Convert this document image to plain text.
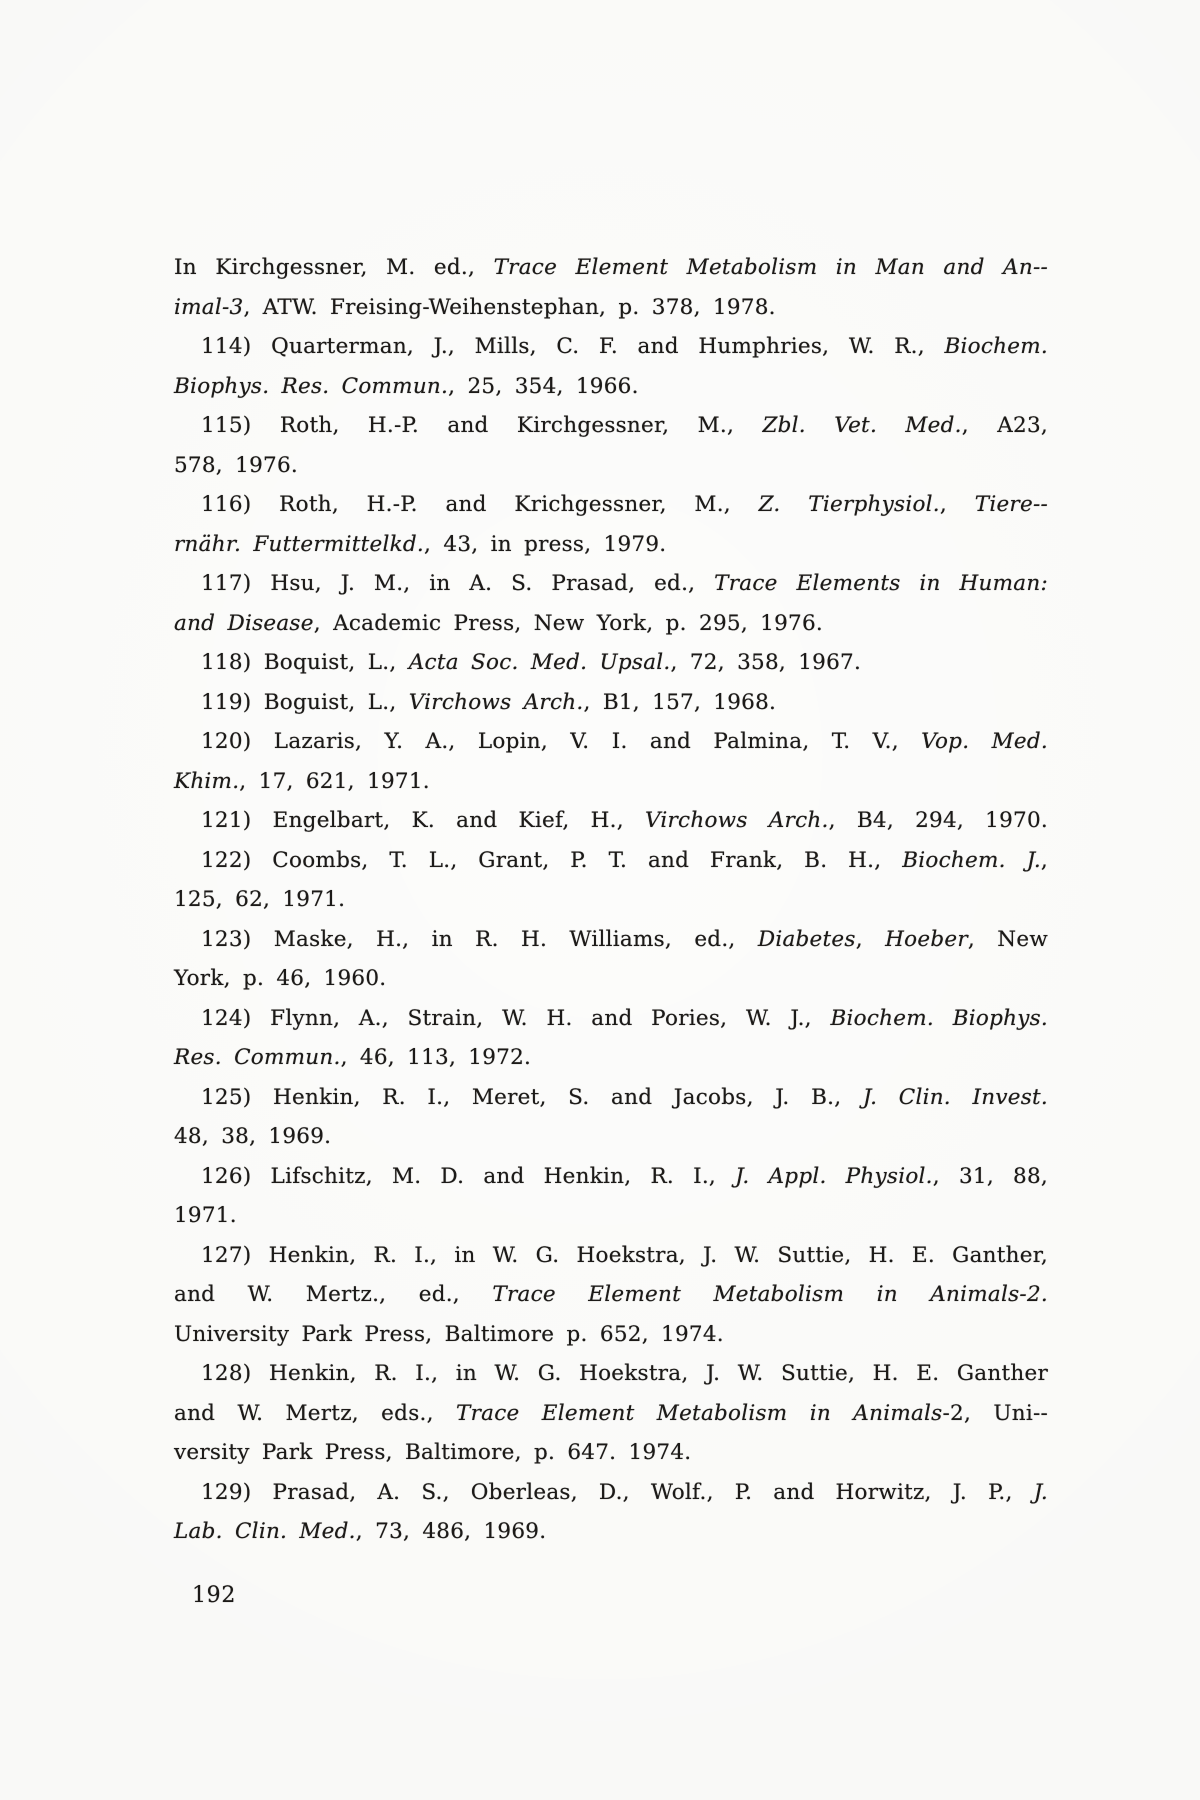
In Kirchgessner, M. ed., Trace Element Metabolism in Man and An--
imal-3, ATW. Freising-Weihenstephan, p. 378, 1978.
114) Quarterman, J., Mills, C. F. and Humphries, W. R., Biochem.
Biophys. Res. Commun., 25, 354, 1966.
115) Roth, H.-P. and Kirchgessner, M., Zbl. Vet. Med., A23,
578, 1976.
116) Roth, H.-P. and Krichgessner, M., Z. Tierphysiol., Tiere--
rnähr. Futtermittelkd., 43, in press, 1979.
117) Hsu, J. M., in A. S. Prasad, ed., Trace Elements in Human:
and Disease, Academic Press, New York, p. 295, 1976.
118) Boquist, L., Acta Soc. Med. Upsal., 72, 358, 1967.
119) Boguist, L., Virchows Arch., B1, 157, 1968.
120) Lazaris, Y. A., Lopin, V. I. and Palmina, T. V., Vop. Med.
Khim., 17, 621, 1971.
121) Engelbart, K. and Kief, H., Virchows Arch., B4, 294, 1970.
122) Coombs, T. L., Grant, P. T. and Frank, B. H., Biochem. J.,
125, 62, 1971.
123) Maske, H., in R. H. Williams, ed., Diabetes, Hoeber, New
York, p. 46, 1960.
124) Flynn, A., Strain, W. H. and Pories, W. J., Biochem. Biophys.
Res. Commun., 46, 113, 1972.
125) Henkin, R. I., Meret, S. and Jacobs, J. B., J. Clin. Invest.
48, 38, 1969.
126) Lifschitz, M. D. and Henkin, R. I., J. Appl. Physiol., 31, 88,
1971.
127) Henkin, R. I., in W. G. Hoekstra, J. W. Suttie, H. E. Ganther,
and W. Mertz., ed., Trace Element Metabolism in Animals-2.
University Park Press, Baltimore p. 652, 1974.
128) Henkin, R. I., in W. G. Hoekstra, J. W. Suttie, H. E. Ganther
and W. Mertz, eds., Trace Element Metabolism in Animals-2, Uni--
versity Park Press, Baltimore, p. 647. 1974.
129) Prasad, A. S., Oberleas, D., Wolf., P. and Horwitz, J. P., J.
Lab. Clin. Med., 73, 486, 1969.
192
